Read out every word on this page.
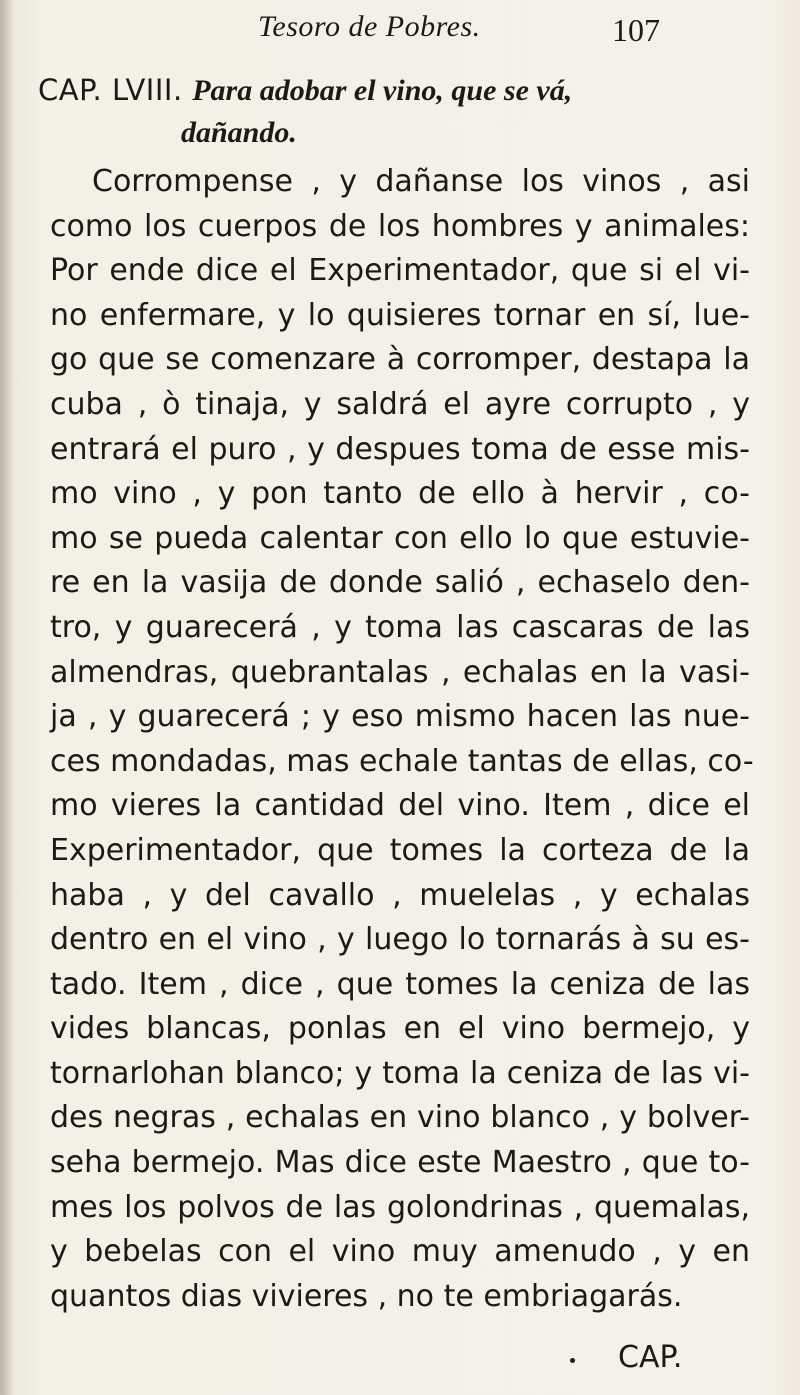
Tesoro de Pobres.	107
CAP. LVIII. Para adobar el vino, que se vá,
dañando.
Corrompense , y dañanse los vinos , asi
como los cuerpos de los hombres y animales:
Por ende dice el Experimentador, que si el vi-
no enfermare, y lo quisieres tornar en sí, lue-
go que se comenzare à corromper, destapa la
cuba , ò tinaja, y saldrá el ayre corrupto , y
entrará el puro , y despues toma de esse mis-
mo vino , y pon tanto de ello à hervir , co-
mo se pueda calentar con ello lo que estuvie-
re en la vasija de donde salió , echaselo den-
tro, y guarecerá , y toma las cascaras de las
almendras, quebrantalas , echalas en la vasi-
ja , y guarecerá ; y eso mismo hacen las nue-
ces mondadas, mas echale tantas de ellas, co-
mo vieres la cantidad del vino. Item , dice el
Experimentador, que tomes la corteza de la
haba , y del cavallo , muelelas , y echalas
dentro en el vino , y luego lo tornarás à su es-
tado. Item , dice , que tomes la ceniza de las
vides blancas, ponlas en el vino bermejo, y
tornarlohan blanco; y toma la ceniza de las vi-
des negras , echalas en vino blanco , y bolver-
seha bermejo. Mas dice este Maestro , que to-
mes los polvos de las golondrinas , quemalas,
y bebelas con el vino muy amenudo , y en
quantos dias vivieres , no te embriagarás.
CAP.
